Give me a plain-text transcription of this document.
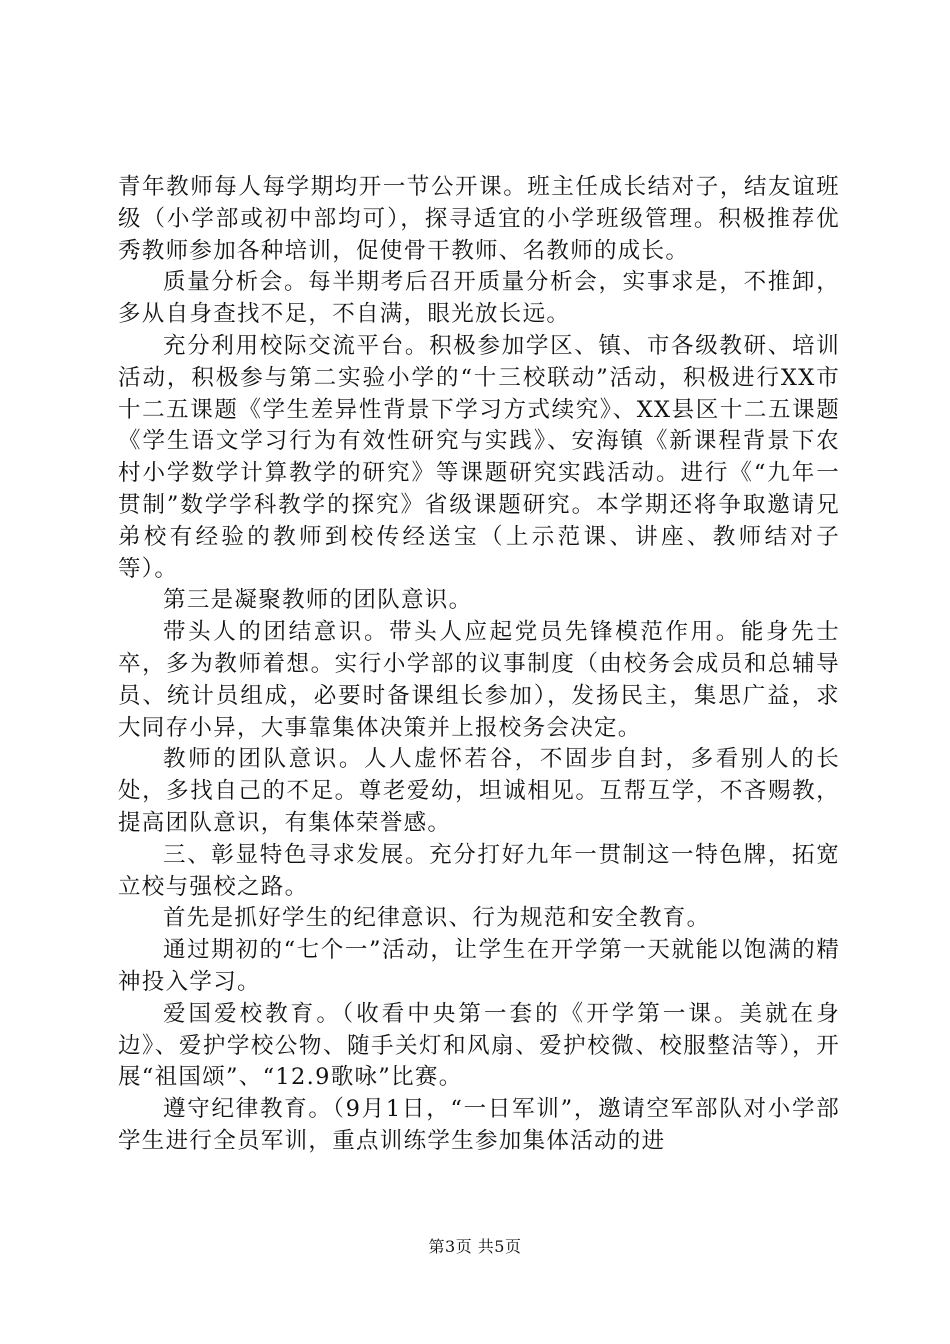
青年教师每人每学期均开一节公开课。班主任成长结对子，结友谊班级（小学部或初中部均可），探寻适宜的小学班级管理。积极推荐优秀教师参加各种培训，促使骨干教师、名教师的成长。

质量分析会。每半期考后召开质量分析会，实事求是，不推卸，多从自身查找不足，不自满，眼光放长远。

充分利用校际交流平台。积极参加学区、镇、市各级教研、培训活动，积极参与第二实验小学的“十三校联动”活动，积极进行XX市十二五课题《学生差异性背景下学习方式续究》、XX县区十二五课题《学生语文学习行为有效性研究与实践》、安海镇《新课程背景下农村小学数学计算教学的研究》等课题研究实践活动。进行《“九年一贯制”数学学科教学的探究》省级课题研究。本学期还将争取邀请兄弟校有经验的教师到校传经送宝（上示范课、讲座、教师结对子等）。

第三是凝聚教师的团队意识。

带头人的团结意识。带头人应起党员先锋模范作用。能身先士卒，多为教师着想。实行小学部的议事制度（由校务会成员和总辅导员、统计员组成，必要时备课组长参加），发扬民主，集思广益，求大同存小异，大事靠集体决策并上报校务会决定。

教师的团队意识。人人虚怀若谷，不固步自封，多看别人的长处，多找自己的不足。尊老爱幼，坦诚相见。互帮互学，不吝赐教，提高团队意识，有集体荣誉感。

三、彰显特色寻求发展。充分打好九年一贯制这一特色牌，拓宽立校与强校之路。

首先是抓好学生的纪律意识、行为规范和安全教育。

通过期初的“七个一”活动，让学生在开学第一天就能以饱满的精神投入学习。

爱国爱校教育。（收看中央第一套的《开学第一课。美就在身边》、爱护学校公物、随手关灯和风扇、爱护校微、校服整洁等），开展“祖国颂”、“12.9歌咏”比赛。

遵守纪律教育。（9月1日，“一日军训”，邀请空军部队对小学部学生进行全员军训，重点训练学生参加集体活动的进

第3页 共5页
